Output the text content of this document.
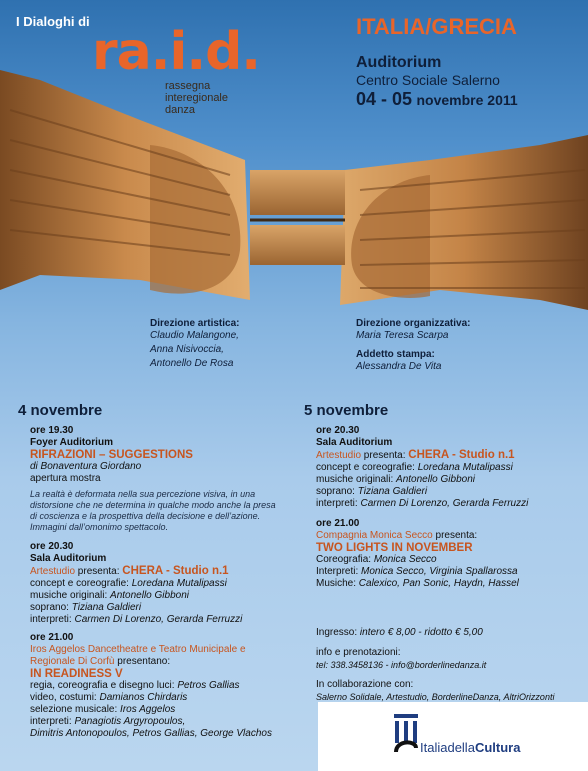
I Dialoghi di
ra.i.d.
rassegna
interegionale
danza
ITALIA/GRECIA
Auditorium
Centro Sociale Salerno
04 - 05 novembre 2011
Direzione artistica:
Claudio Malangone,
Anna Nisivoccia,
Antonello De Rosa
Direzione organizzativa:
Maria Teresa Scarpa
Addetto stampa:
Alessandra De Vita
4 novembre
ore 19.30
Foyer Auditorium
RIFRAZIONI – SUGGESTIONS
di Bonaventura Giordano
apertura mostra
La realtà è deformata nella sua percezione visiva, in una distorsione che ne determina in qualche modo anche la presa di coscienza e la prospettiva della decisione e dell’azione. Immagini dall’omonimo spettacolo.
ore 20.30
Sala Auditorium
Artestudio presenta: CHERA - Studio n.1
concept e coreografie: Loredana Mutalipassi
musiche originali: Antonello Gibboni
soprano: Tiziana Galdieri
interpreti: Carmen Di Lorenzo, Gerarda Ferruzzi
ore 21.00
Iros Aggelos Dancetheatre e Teatro Municipale e Regionale Di Corfù presentano:
IN READINESS V
regia, coreografia e disegno luci: Petros Gallias
video, costumi: Damianos Chirdaris
selezione musicale: Iros Aggelos
interpreti: Panagiotis Argyropoulos,
Dimitris Antonopoulos, Petros Gallias, George Vlachos
5 novembre
ore 20.30
Sala Auditorium
Artestudio presenta: CHERA - Studio n.1
concept e coreografie: Loredana Mutalipassi
musiche originali: Antonello Gibboni
soprano: Tiziana Galdieri
interpreti: Carmen Di Lorenzo, Gerarda Ferruzzi
ore 21.00
Compagnia Monica Secco presenta:
TWO LIGHTS IN NOVEMBER
Coreografia: Monica Secco
Interpreti: Monica Secco, Virginia Spallarossa
Musiche: Calexico, Pan Sonic, Haydn, Hassel
Ingresso: intero € 8,00 - ridotto € 5,00
info e prenotazioni:
tel: 338.3458136 - info@borderlinedanza.it
In collaborazione con:
Salerno Solidale, Artestudio, BorderlineDanza, AltriOrizzonti
ItaliadellaCultura
